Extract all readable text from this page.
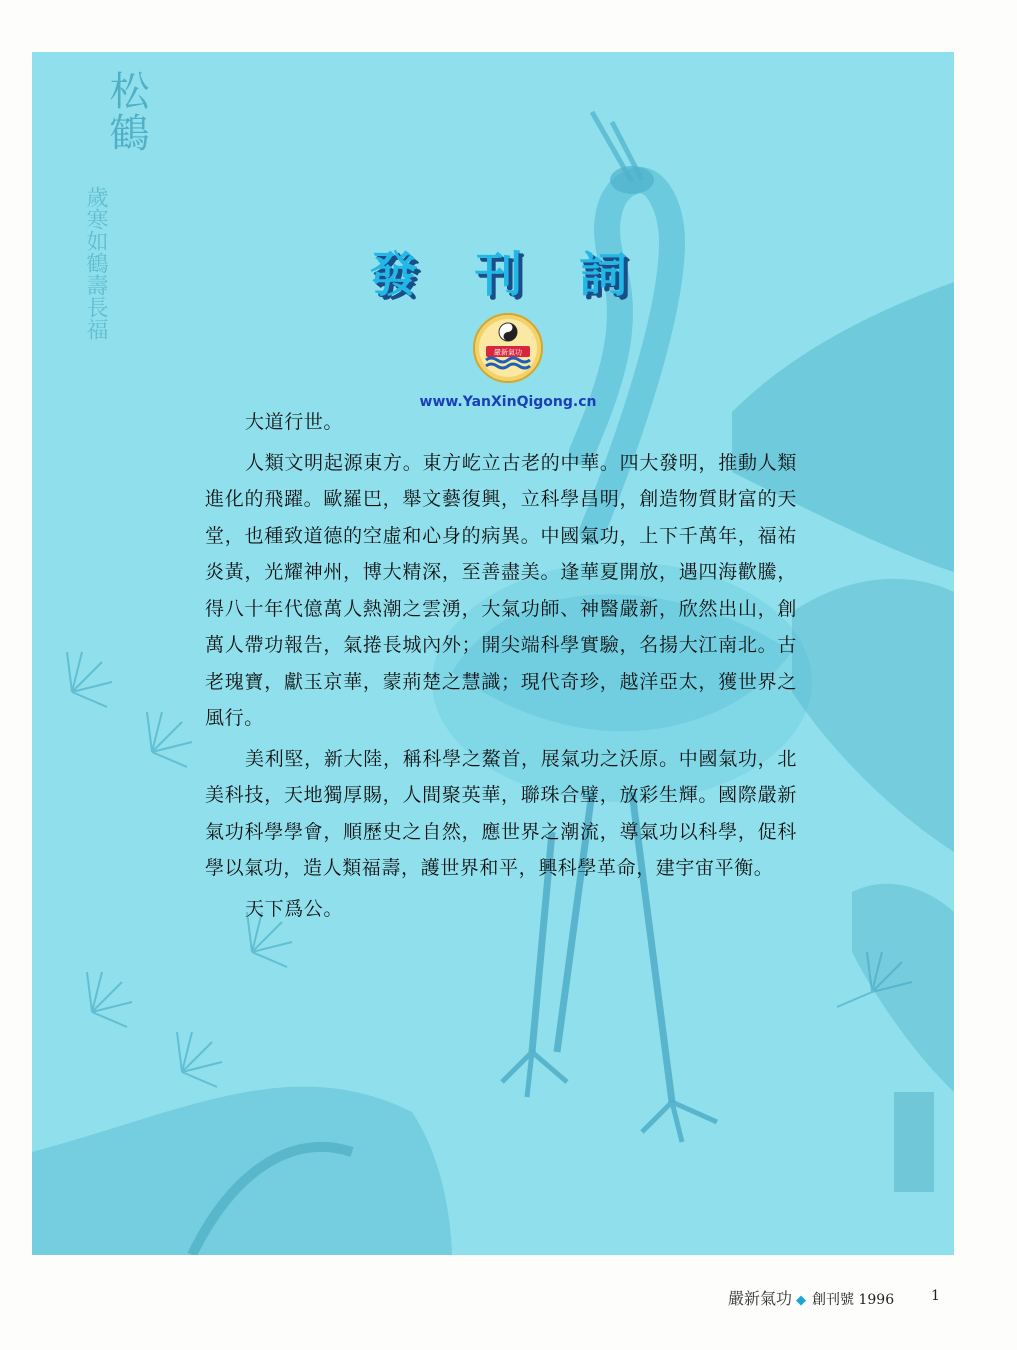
松鶴
歲寒如鶴壽長福	發 刊 詞
嚴新氣功
www.YanXinQigong.cn

大道行世。

人類文明起源東方。東方屹立古老的中華。四大發明，推動人類進化的飛躍。歐羅巴，舉文藝復興，立科學昌明，創造物質財富的天堂，也種致道德的空虛和心身的病異。中國氣功，上下千萬年，福祐炎黃，光耀神州，博大精深，至善盡美。逢華夏開放，遇四海歡騰，得八十年代億萬人熱潮之雲湧，大氣功師、神醫嚴新，欣然出山，創萬人帶功報告，氣捲長城內外；開尖端科學實驗，名揚大江南北。古老瑰寶，獻玉京華，蒙荊楚之慧識；現代奇珍，越洋亞太，獲世界之風行。

美利堅，新大陸，稱科學之鰲首，展氣功之沃原。中國氣功，北美科技，天地獨厚賜，人間聚英華，聯珠合璧，放彩生輝。國際嚴新氣功科學學會，順歷史之自然，應世界之潮流，導氣功以科學，促科學以氣功，造人類福壽，護世界和平，興科學革命，建宇宙平衡。

天下爲公。

嚴新氣功 ◆ 創刊號 1996	1
